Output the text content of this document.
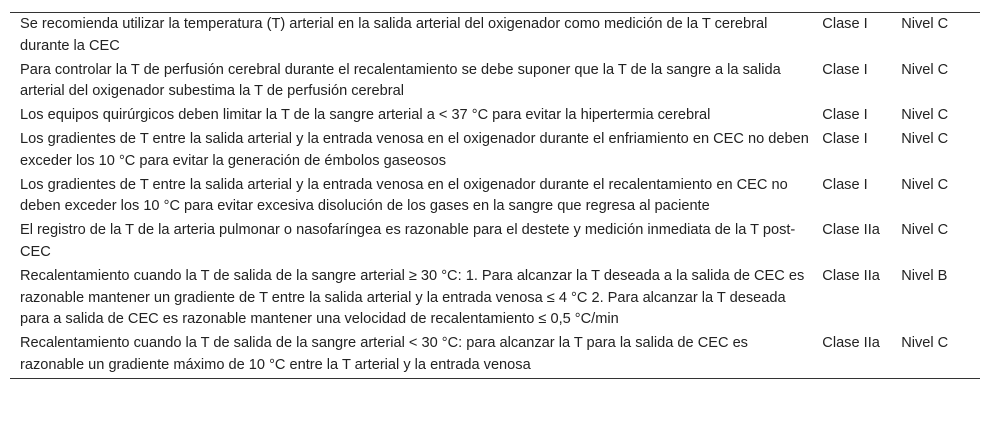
Se recomienda utilizar la temperatura (T) arterial en la salida arterial del oxigenador como medición de la T cerebral durante la CEC	Clase I	Nivel C
Para controlar la T de perfusión cerebral durante el recalentamiento se debe suponer que la T de la sangre a la salida arterial del oxigenador subestima la T de perfusión cerebral	Clase I	Nivel C
Los equipos quirúrgicos deben limitar la T de la sangre arterial a < 37 °C para evitar la hipertermia cerebral	Clase I	Nivel C
Los gradientes de T entre la salida arterial y la entrada venosa en el oxigenador durante el enfriamiento en CEC no deben exceder los 10 °C para evitar la generación de émbolos gaseosos	Clase I	Nivel C
Los gradientes de T entre la salida arterial y la entrada venosa en el oxigenador durante el recalentamiento en CEC no deben exceder los 10 °C para evitar excesiva disolución de los gases en la sangre que regresa al paciente	Clase I	Nivel C
El registro de la T de la arteria pulmonar o nasofaríngea es razonable para el destete y medición inmediata de la T post-CEC	Clase IIa	Nivel C
Recalentamiento cuando la T de salida de la sangre arterial ≥ 30 °C: 1. Para alcanzar la T deseada a la salida de CEC es razonable mantener un gradiente de T entre la salida arterial y la entrada venosa ≤ 4 °C 2. Para alcanzar la T deseada para a salida de CEC es razonable mantener una velocidad de recalentamiento ≤ 0,5 °C/min	Clase IIa	Nivel B
Recalentamiento cuando la T de salida de la sangre arterial < 30 °C: para alcanzar la T para la salida de CEC es razonable un gradiente máximo de 10 °C entre la T arterial y la entrada venosa	Clase IIa	Nivel C
